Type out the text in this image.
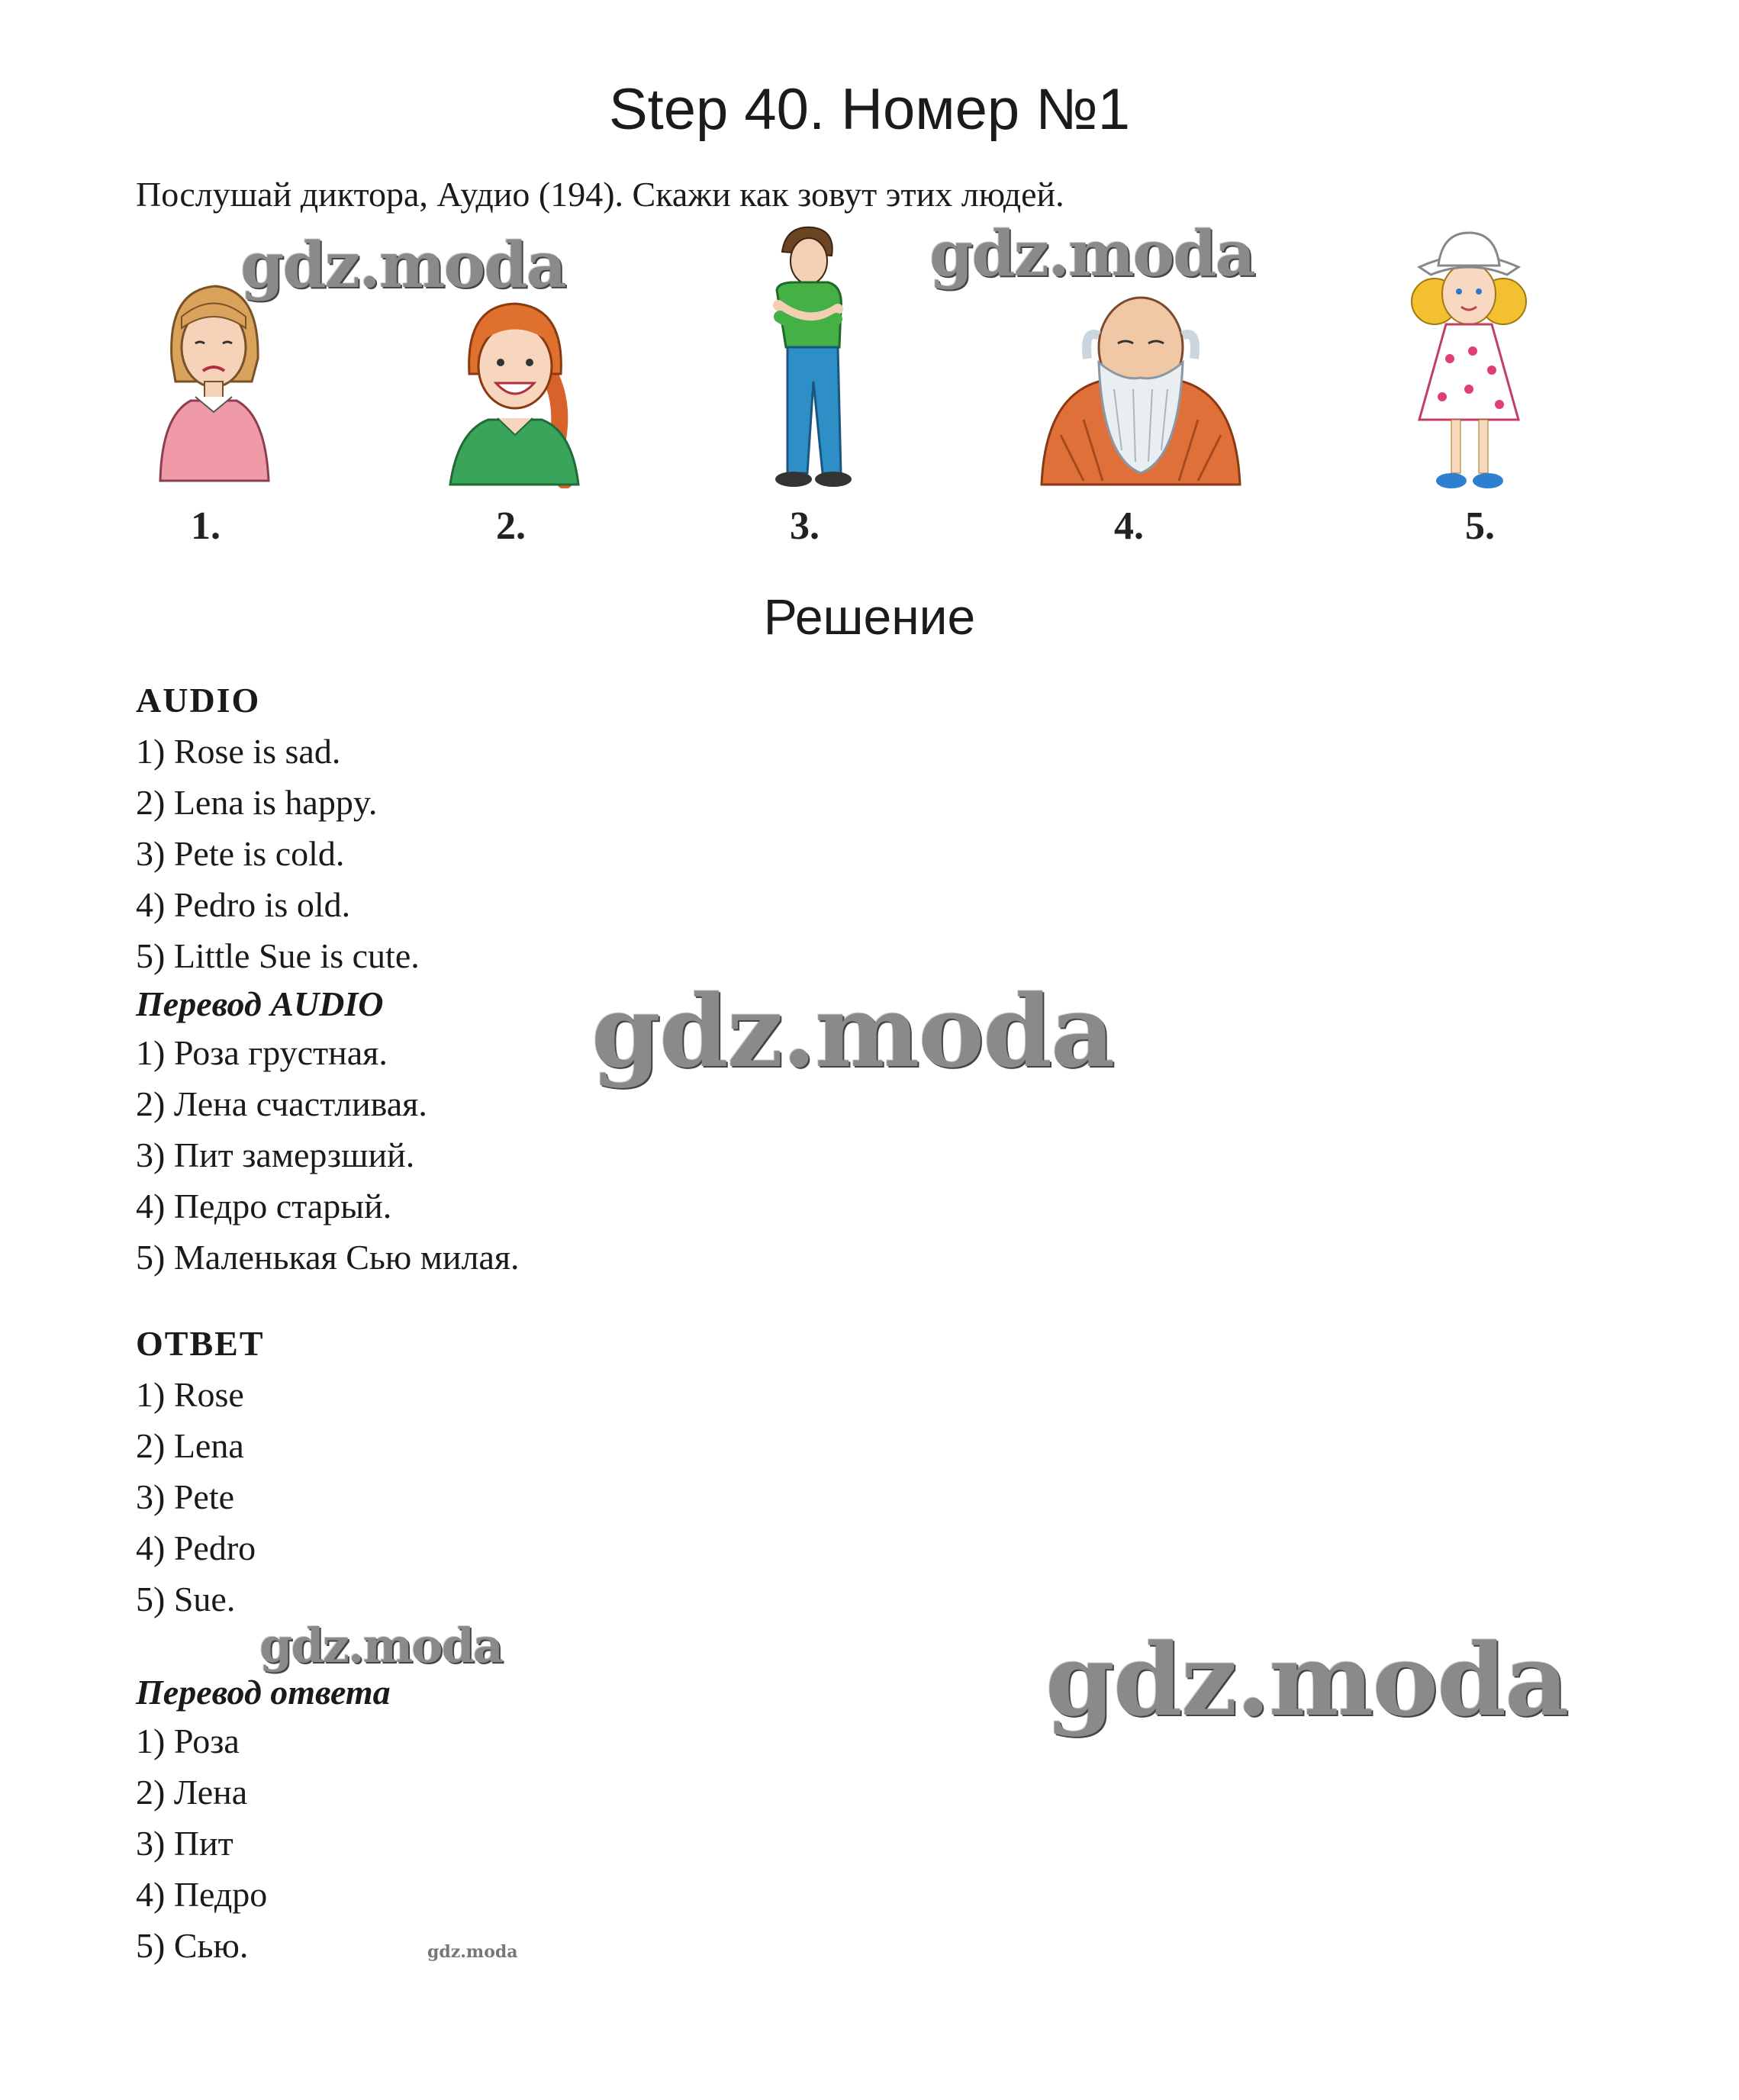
Step 40. Номер №1
Послушай диктора, Аудио (194). Скажи как зовут этих людей.
1.	2.	3.	4.	5.
Решение
AUDIO
1) Rose is sad.
2) Lena is happy.
3) Pete is cold.
4) Pedro is old.
5) Little Sue is cute.
Перевод AUDIO
1) Роза грустная.
2) Лена счастливая.
3) Пит замерзший.
4) Педро старый.
5) Маленькая Сью милая.
ОТВЕТ
1) Rose
2) Lena
3) Pete
4) Pedro
5) Sue.
Перевод ответа
1) Роза
2) Лена
3) Пит
4) Педро
5) Сью.
gdz.moda	gdz.moda
gdz.moda
gdz.moda	gdz.moda
gdz.moda
